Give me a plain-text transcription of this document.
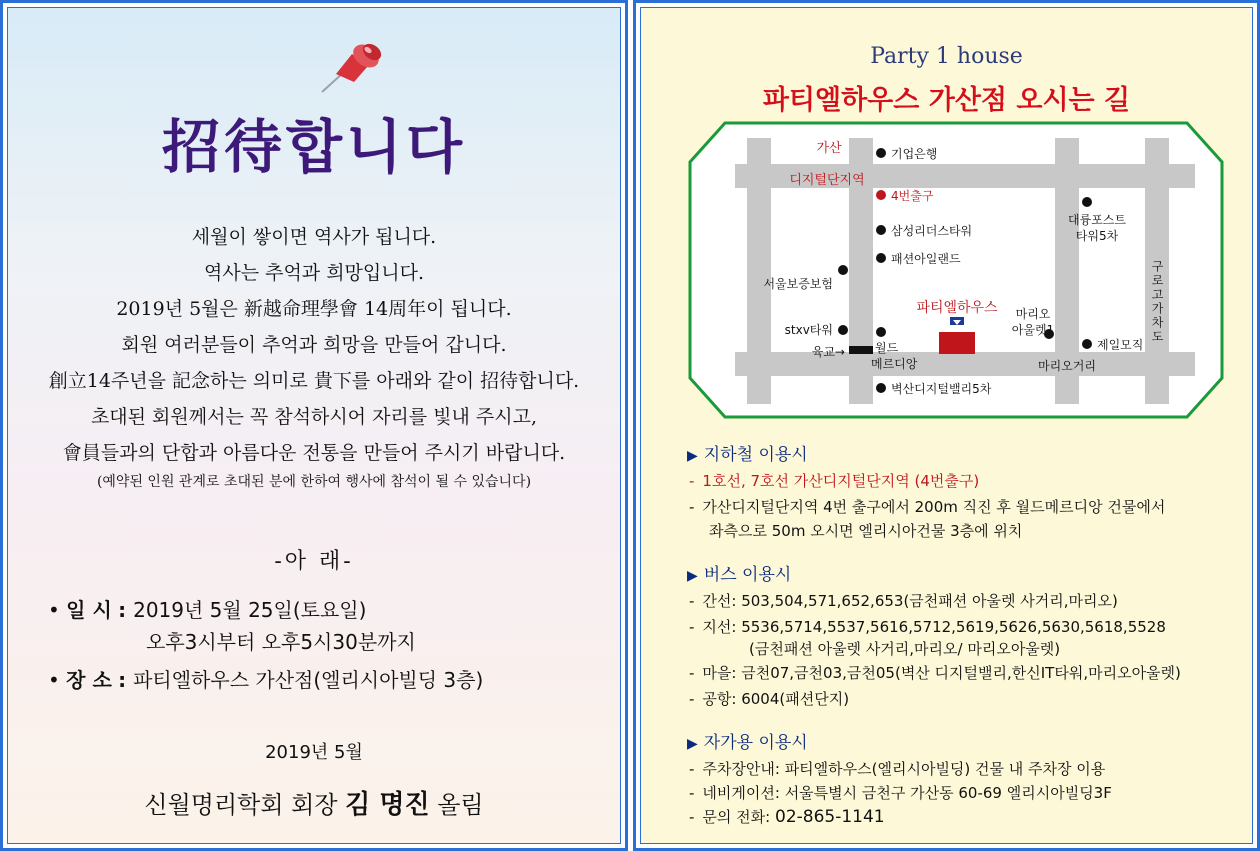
招待합니다
세월이 쌓이면 역사가 됩니다.
역사는 추억과 희망입니다.
2019년 5월은 新越命理學會 14周年이 됩니다.
회원 여러분들이 추억과 희망을 만들어 갑니다.
創立14주년을 記念하는 의미로 貴下를 아래와 같이 招待합니다.
초대된 회원께서는 꼭 참석하시어 자리를 빛내 주시고,
會員들과의 단합과 아름다운 전통을 만들어 주시기 바랍니다.
(예약된 인원 관계로 초대된 분에 한하여 행사에 참석이 될 수 있습니다)
-아 래-
• 일 시 : 2019년 5월 25일(토요일)
오후3시부터 오후5시30분까지
• 장 소 : 파티엘하우스 가산점(엘리시아빌딩 3층)
2019년 5월
신월명리학회 회장 김 명진 올림
Party 1 house
파티엘하우스 가산점 오시는 길
가산
디지털단지역
기업은행
4번출구
삼성리더스타워
패션아일랜드
서울보증보험
stxv타워
육교→	월드
메르디앙
벽산디지털밸리5차
파티엘하우스 마리오
아울렛1
마리오거리
제일모직
대륭포스트
타워5차
구로고가차도
▶ 지하철 이용시
- 1호선, 7호선 가산디지털단지역 (4번출구)
- 가산디지털단지역 4번 출구에서 200m 직진 후 월드메르디앙 건물에서
좌측으로 50m 오시면 엘리시아건물 3층에 위치
▶ 버스 이용시
- 간선: 503,504,571,652,653(금천패션 아울렛 사거리,마리오)
- 지선: 5536,5714,5537,5616,5712,5619,5626,5630,5618,5528
(금천패션 아울렛 사거리,마리오/ 마리오아울렛)
- 마을: 금천07,금천03,금천05(벽산 디지털밸리,한신IT타워,마리오아울렛)
- 공항: 6004(패션단지)
▶ 자가용 이용시
- 주차장안내: 파티엘하우스(엘리시아빌딩) 건물 내 주차장 이용
- 네비게이션: 서울특별시 금천구 가산동 60-69 엘리시아빌딩3F
- 문의 전화: 02-865-1141
